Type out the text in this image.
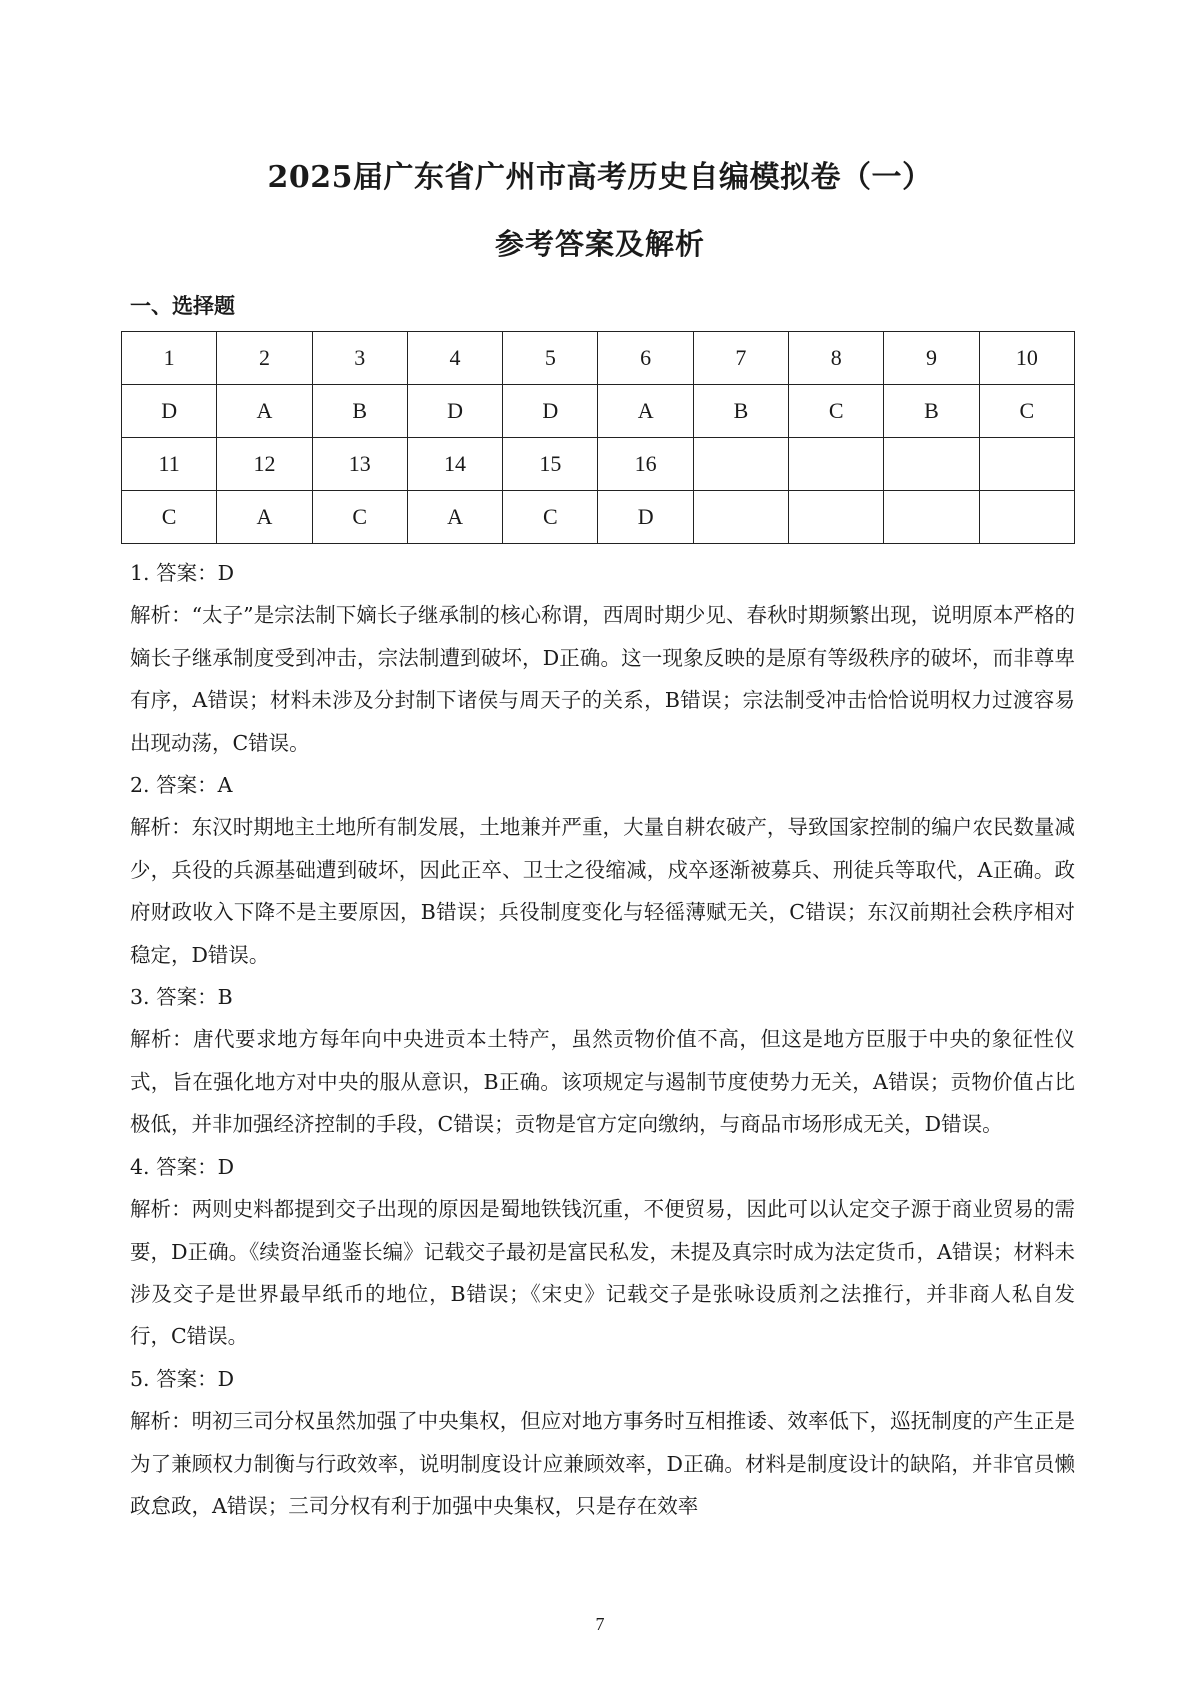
2025届广东省广州市高考历史自编模拟卷（一）
参考答案及解析
一、选择题
1	2	3	4	5	6	7	8	9	10
D	A	B	D	D	A	B	C	B	C
11	12	13	14	15	16				
C	A	C	A	C	D				

1. 答案：D

解析：“太子”是宗法制下嫡长子继承制的核心称谓，西周时期少见、春秋时期频繁出现，说明原本严格的嫡长子继承制度受到冲击，宗法制遭到破坏，D正确。这一现象反映的是原有等级秩序的破坏，而非尊卑有序，A错误；材料未涉及分封制下诸侯与周天子的关系，B错误；宗法制受冲击恰恰说明权力过渡容易出现动荡，C错误。

2. 答案：A

解析：东汉时期地主土地所有制发展，土地兼并严重，大量自耕农破产，导致国家控制的编户农民数量减少，兵役的兵源基础遭到破坏，因此正卒、卫士之役缩减，戍卒逐渐被募兵、刑徒兵等取代，A正确。政府财政收入下降不是主要原因，B错误；兵役制度变化与轻徭薄赋无关，C错误；东汉前期社会秩序相对稳定，D错误。

3. 答案：B

解析：唐代要求地方每年向中央进贡本土特产，虽然贡物价值不高，但这是地方臣服于中央的象征性仪式，旨在强化地方对中央的服从意识，B正确。该项规定与遏制节度使势力无关，A错误；贡物价值占比极低，并非加强经济控制的手段，C错误；贡物是官方定向缴纳，与商品市场形成无关，D错误。

4. 答案：D

解析：两则史料都提到交子出现的原因是蜀地铁钱沉重，不便贸易，因此可以认定交子源于商业贸易的需要，D正确。《续资治通鉴长编》记载交子最初是富民私发，未提及真宗时成为法定货币，A错误；材料未涉及交子是世界最早纸币的地位，B错误；《宋史》记载交子是张咏设质剂之法推行，并非商人私自发行，C错误。

5. 答案：D

解析：明初三司分权虽然加强了中央集权，但应对地方事务时互相推诿、效率低下，巡抚制度的产生正是为了兼顾权力制衡与行政效率，说明制度设计应兼顾效率，D正确。材料是制度设计的缺陷，并非官员懒政怠政，A错误；三司分权有利于加强中央集权，只是存在效率

7
